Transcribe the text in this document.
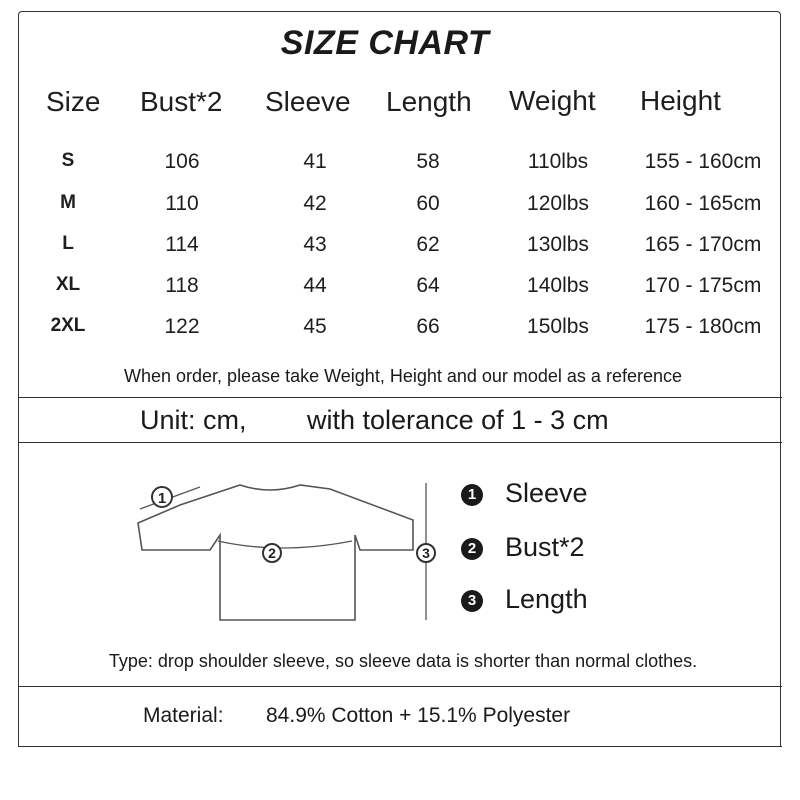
SIZE CHART
Size Bust*2 Sleeve Length Weight Height
S	106	41	58	110lbs	155 - 160cm
M	110	42	60	120lbs	160 - 165cm
L	114	43	62	130lbs	165 - 170cm
XL	118	44	64	140lbs	170 - 175cm
2XL	122	45	66	150lbs	175 - 180cm
When order, please take Weight, Height and our model as a reference
Unit: cm, with tolerance of 1 - 3 cm
1
2	3
1 Sleeve
2 Bust*2
3 Length
Type: drop shoulder sleeve, so sleeve data is shorter than normal clothes.
Material: 84.9% Cotton + 15.1% Polyester
